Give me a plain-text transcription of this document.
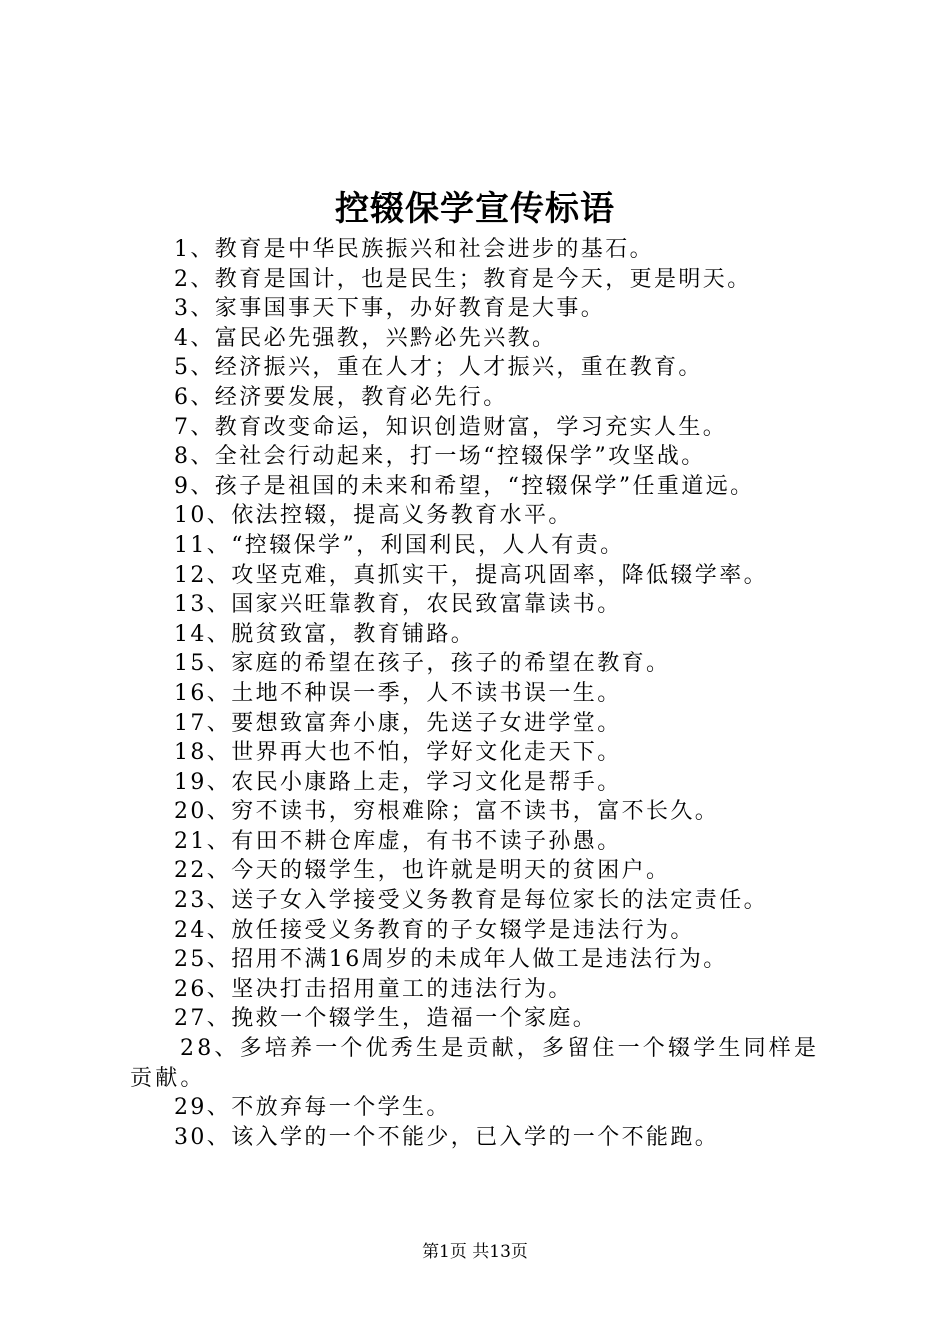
控辍保学宣传标语
1、教育是中华民族振兴和社会进步的基石。
2、教育是国计，也是民生；教育是今天，更是明天。
3、家事国事天下事，办好教育是大事。
4、富民必先强教，兴黔必先兴教。
5、经济振兴，重在人才；人才振兴，重在教育。
6、经济要发展，教育必先行。
7、教育改变命运，知识创造财富，学习充实人生。
8、全社会行动起来，打一场“控辍保学”攻坚战。
9、孩子是祖国的未来和希望，“控辍保学”任重道远。
10、依法控辍，提高义务教育水平。
11、“控辍保学”，利国利民，人人有责。
12、攻坚克难，真抓实干，提高巩固率，降低辍学率。
13、国家兴旺靠教育，农民致富靠读书。
14、脱贫致富，教育铺路。
15、家庭的希望在孩子，孩子的希望在教育。
16、土地不种误一季，人不读书误一生。
17、要想致富奔小康，先送子女进学堂。
18、世界再大也不怕，学好文化走天下。
19、农民小康路上走，学习文化是帮手。
20、穷不读书，穷根难除；富不读书，富不长久。
21、有田不耕仓库虚，有书不读子孙愚。
22、今天的辍学生，也许就是明天的贫困户。
23、送子女入学接受义务教育是每位家长的法定责任。
24、放任接受义务教育的子女辍学是违法行为。
25、招用不满16周岁的未成年人做工是违法行为。
26、坚决打击招用童工的违法行为。
27、挽救一个辍学生，造福一个家庭。
28、多培养一个优秀生是贡献，多留住一个辍学生同样是贡献。
29、不放弃每一个学生。
30、该入学的一个不能少，已入学的一个不能跑。
第1页 共13页
